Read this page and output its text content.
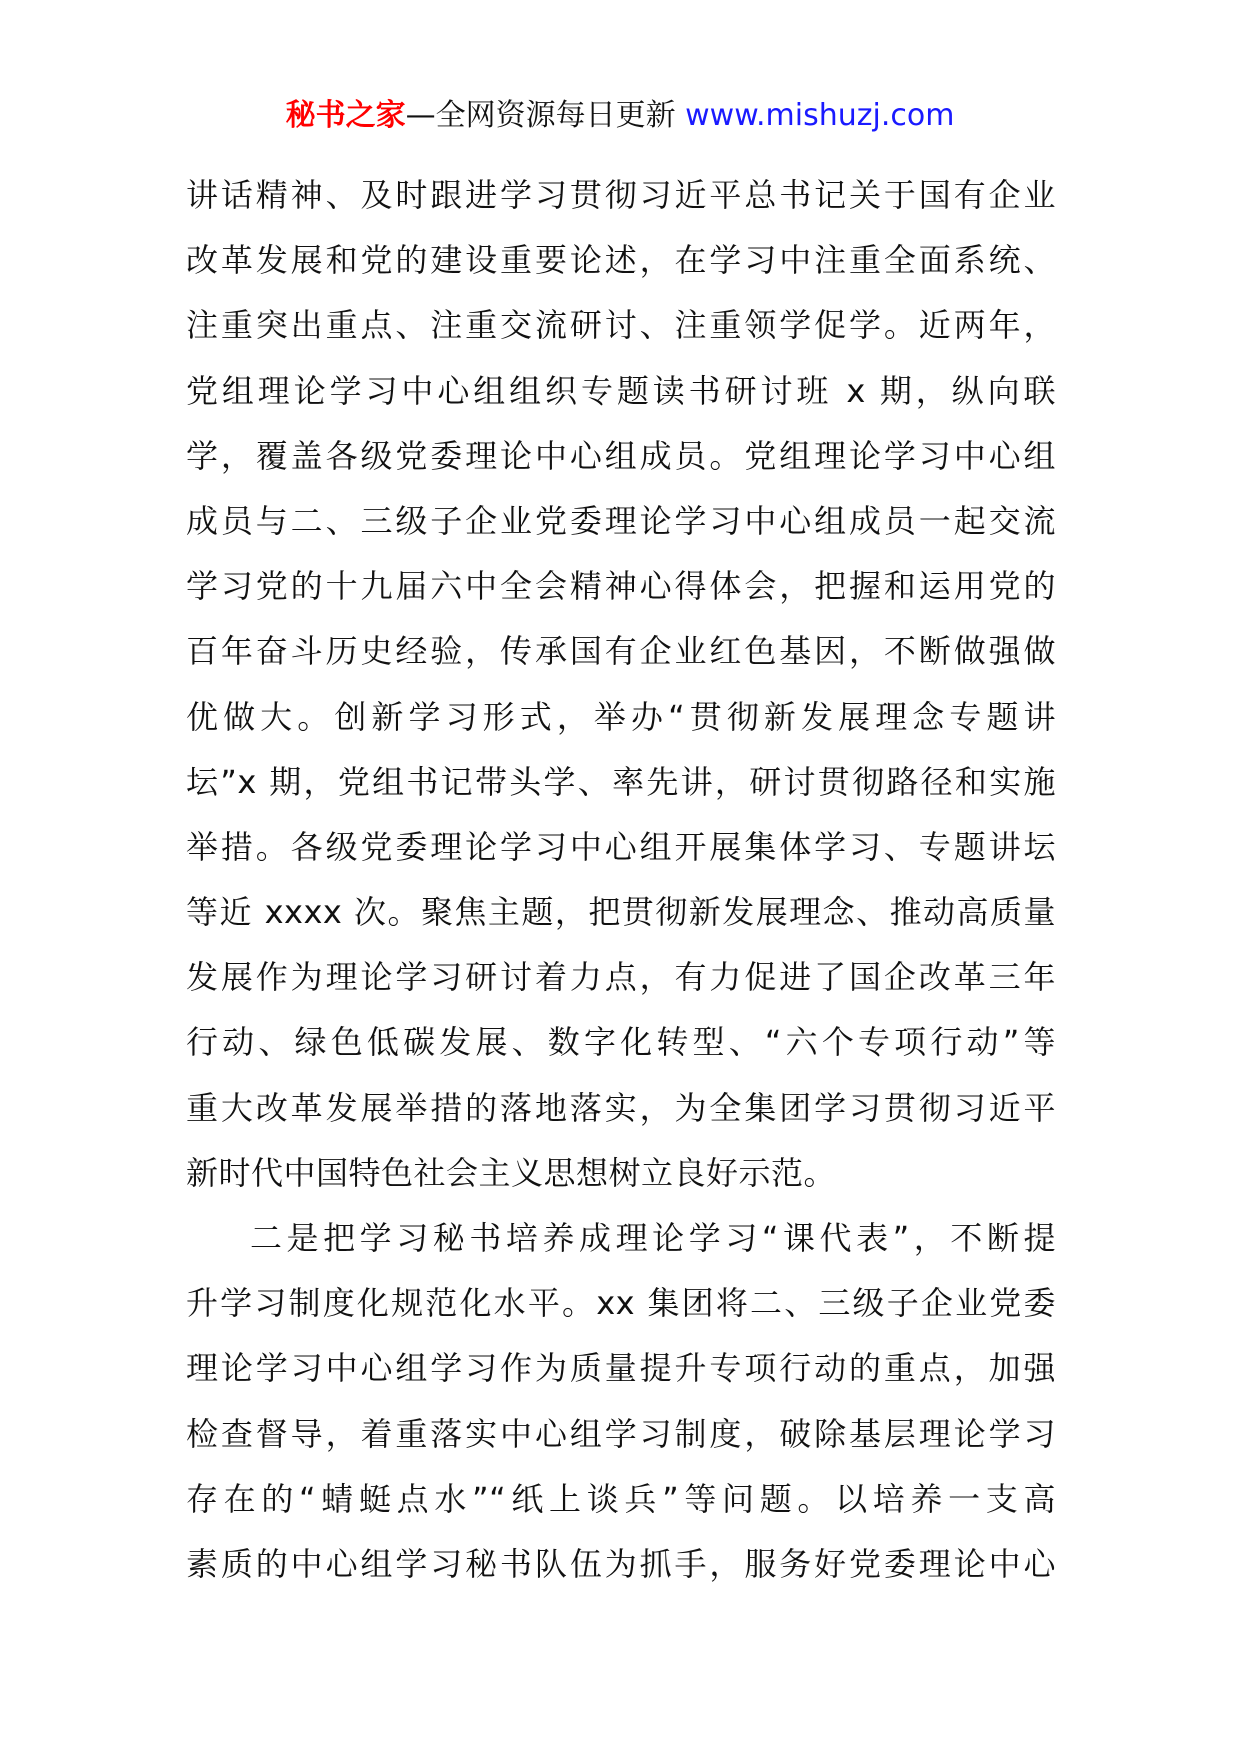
秘书之家—全网资源每日更新 www.mishuzj.com
讲话精神、及时跟进学习贯彻习近平总书记关于国有企业
改革发展和党的建设重要论述，在学习中注重全面系统、
注重突出重点、注重交流研讨、注重领学促学。近两年，
党组理论学习中心组组织专题读书研讨班 x 期，纵向联
学，覆盖各级党委理论中心组成员。党组理论学习中心组
成员与二、三级子企业党委理论学习中心组成员一起交流
学习党的十九届六中全会精神心得体会，把握和运用党的
百年奋斗历史经验，传承国有企业红色基因，不断做强做
优做大。创新学习形式，举办“贯彻新发展理念专题讲
坛”x 期，党组书记带头学、率先讲，研讨贯彻路径和实施
举措。各级党委理论学习中心组开展集体学习、专题讲坛
等近 xxxx 次。聚焦主题，把贯彻新发展理念、推动高质量
发展作为理论学习研讨着力点，有力促进了国企改革三年
行动、绿色低碳发展、数字化转型、“六个专项行动”等
重大改革发展举措的落地落实，为全集团学习贯彻习近平
新时代中国特色社会主义思想树立良好示范。
二是把学习秘书培养成理论学习“课代表”，不断提
升学习制度化规范化水平。xx 集团将二、三级子企业党委
理论学习中心组学习作为质量提升专项行动的重点，加强
检查督导，着重落实中心组学习制度，破除基层理论学习
存在的“蜻蜓点水”“纸上谈兵”等问题。以培养一支高
素质的中心组学习秘书队伍为抓手，服务好党委理论中心
